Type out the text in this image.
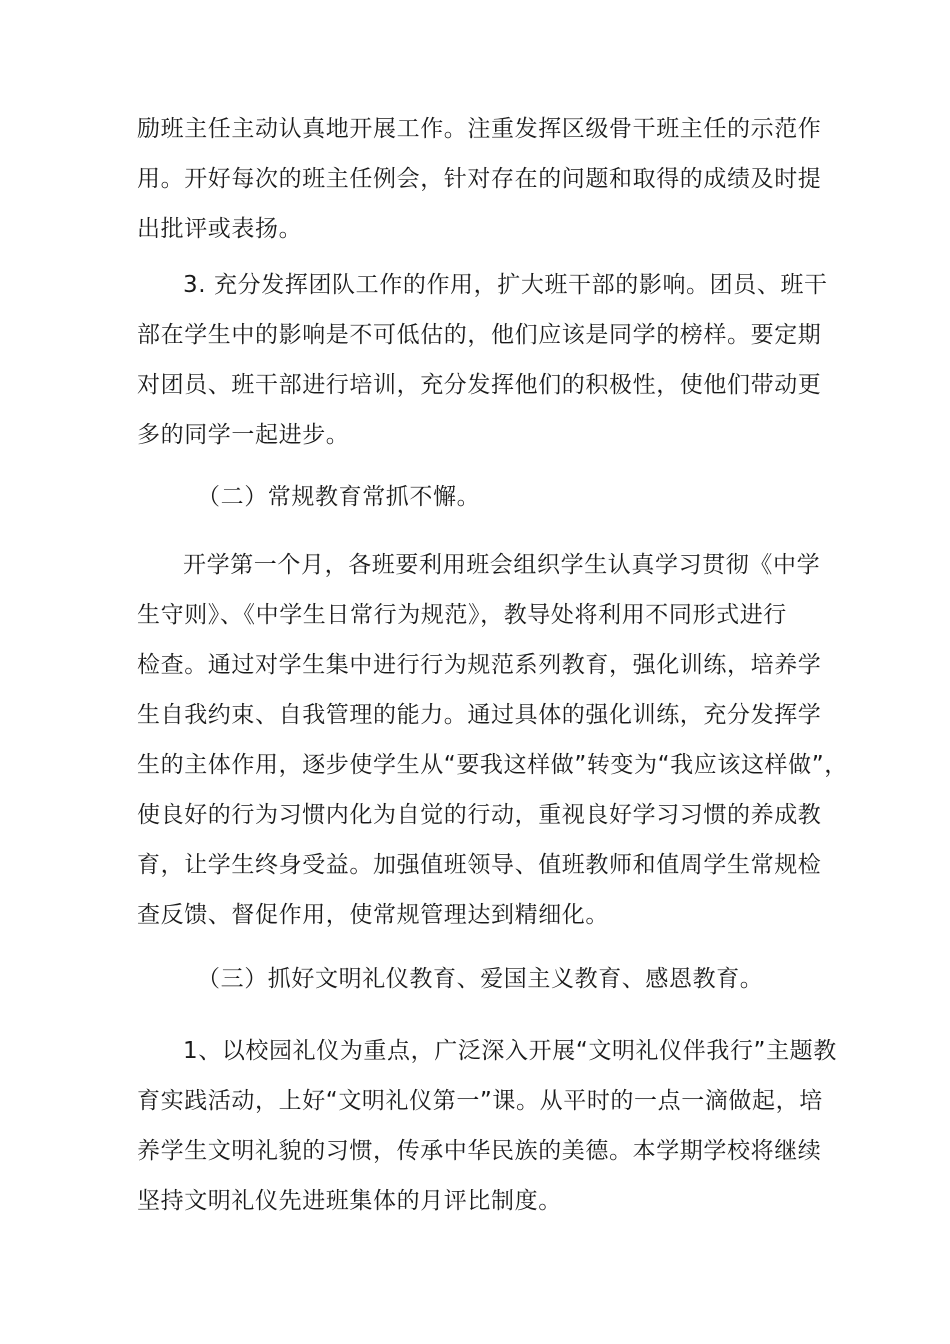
励班主任主动认真地开展工作。注重发挥区级骨干班主任的示范作
用。开好每次的班主任例会，针对存在的问题和取得的成绩及时提
出批评或表扬。
3. 充分发挥团队工作的作用，扩大班干部的影响。团员、班干
部在学生中的影响是不可低估的，他们应该是同学的榜样。要定期
对团员、班干部进行培训，充分发挥他们的积极性，使他们带动更
多的同学一起进步。
（二）常规教育常抓不懈。
开学第一个月，各班要利用班会组织学生认真学习贯彻《中学
生守则》、《中学生日常行为规范》，教导处将利用不同形式进行
检查。通过对学生集中进行行为规范系列教育，强化训练，培养学
生自我约束、自我管理的能力。通过具体的强化训练，充分发挥学
生的主体作用，逐步使学生从“要我这样做”转变为“我应该这样做”，
使良好的行为习惯内化为自觉的行动，重视良好学习习惯的养成教
育，让学生终身受益。加强值班领导、值班教师和值周学生常规检
查反馈、督促作用，使常规管理达到精细化。
（三）抓好文明礼仪教育、爱国主义教育、感恩教育。
1、以校园礼仪为重点，广泛深入开展“文明礼仪伴我行”主题教
育实践活动，上好“文明礼仪第一”课。从平时的一点一滴做起，培
养学生文明礼貌的习惯，传承中华民族的美德。本学期学校将继续
坚持文明礼仪先进班集体的月评比制度。
